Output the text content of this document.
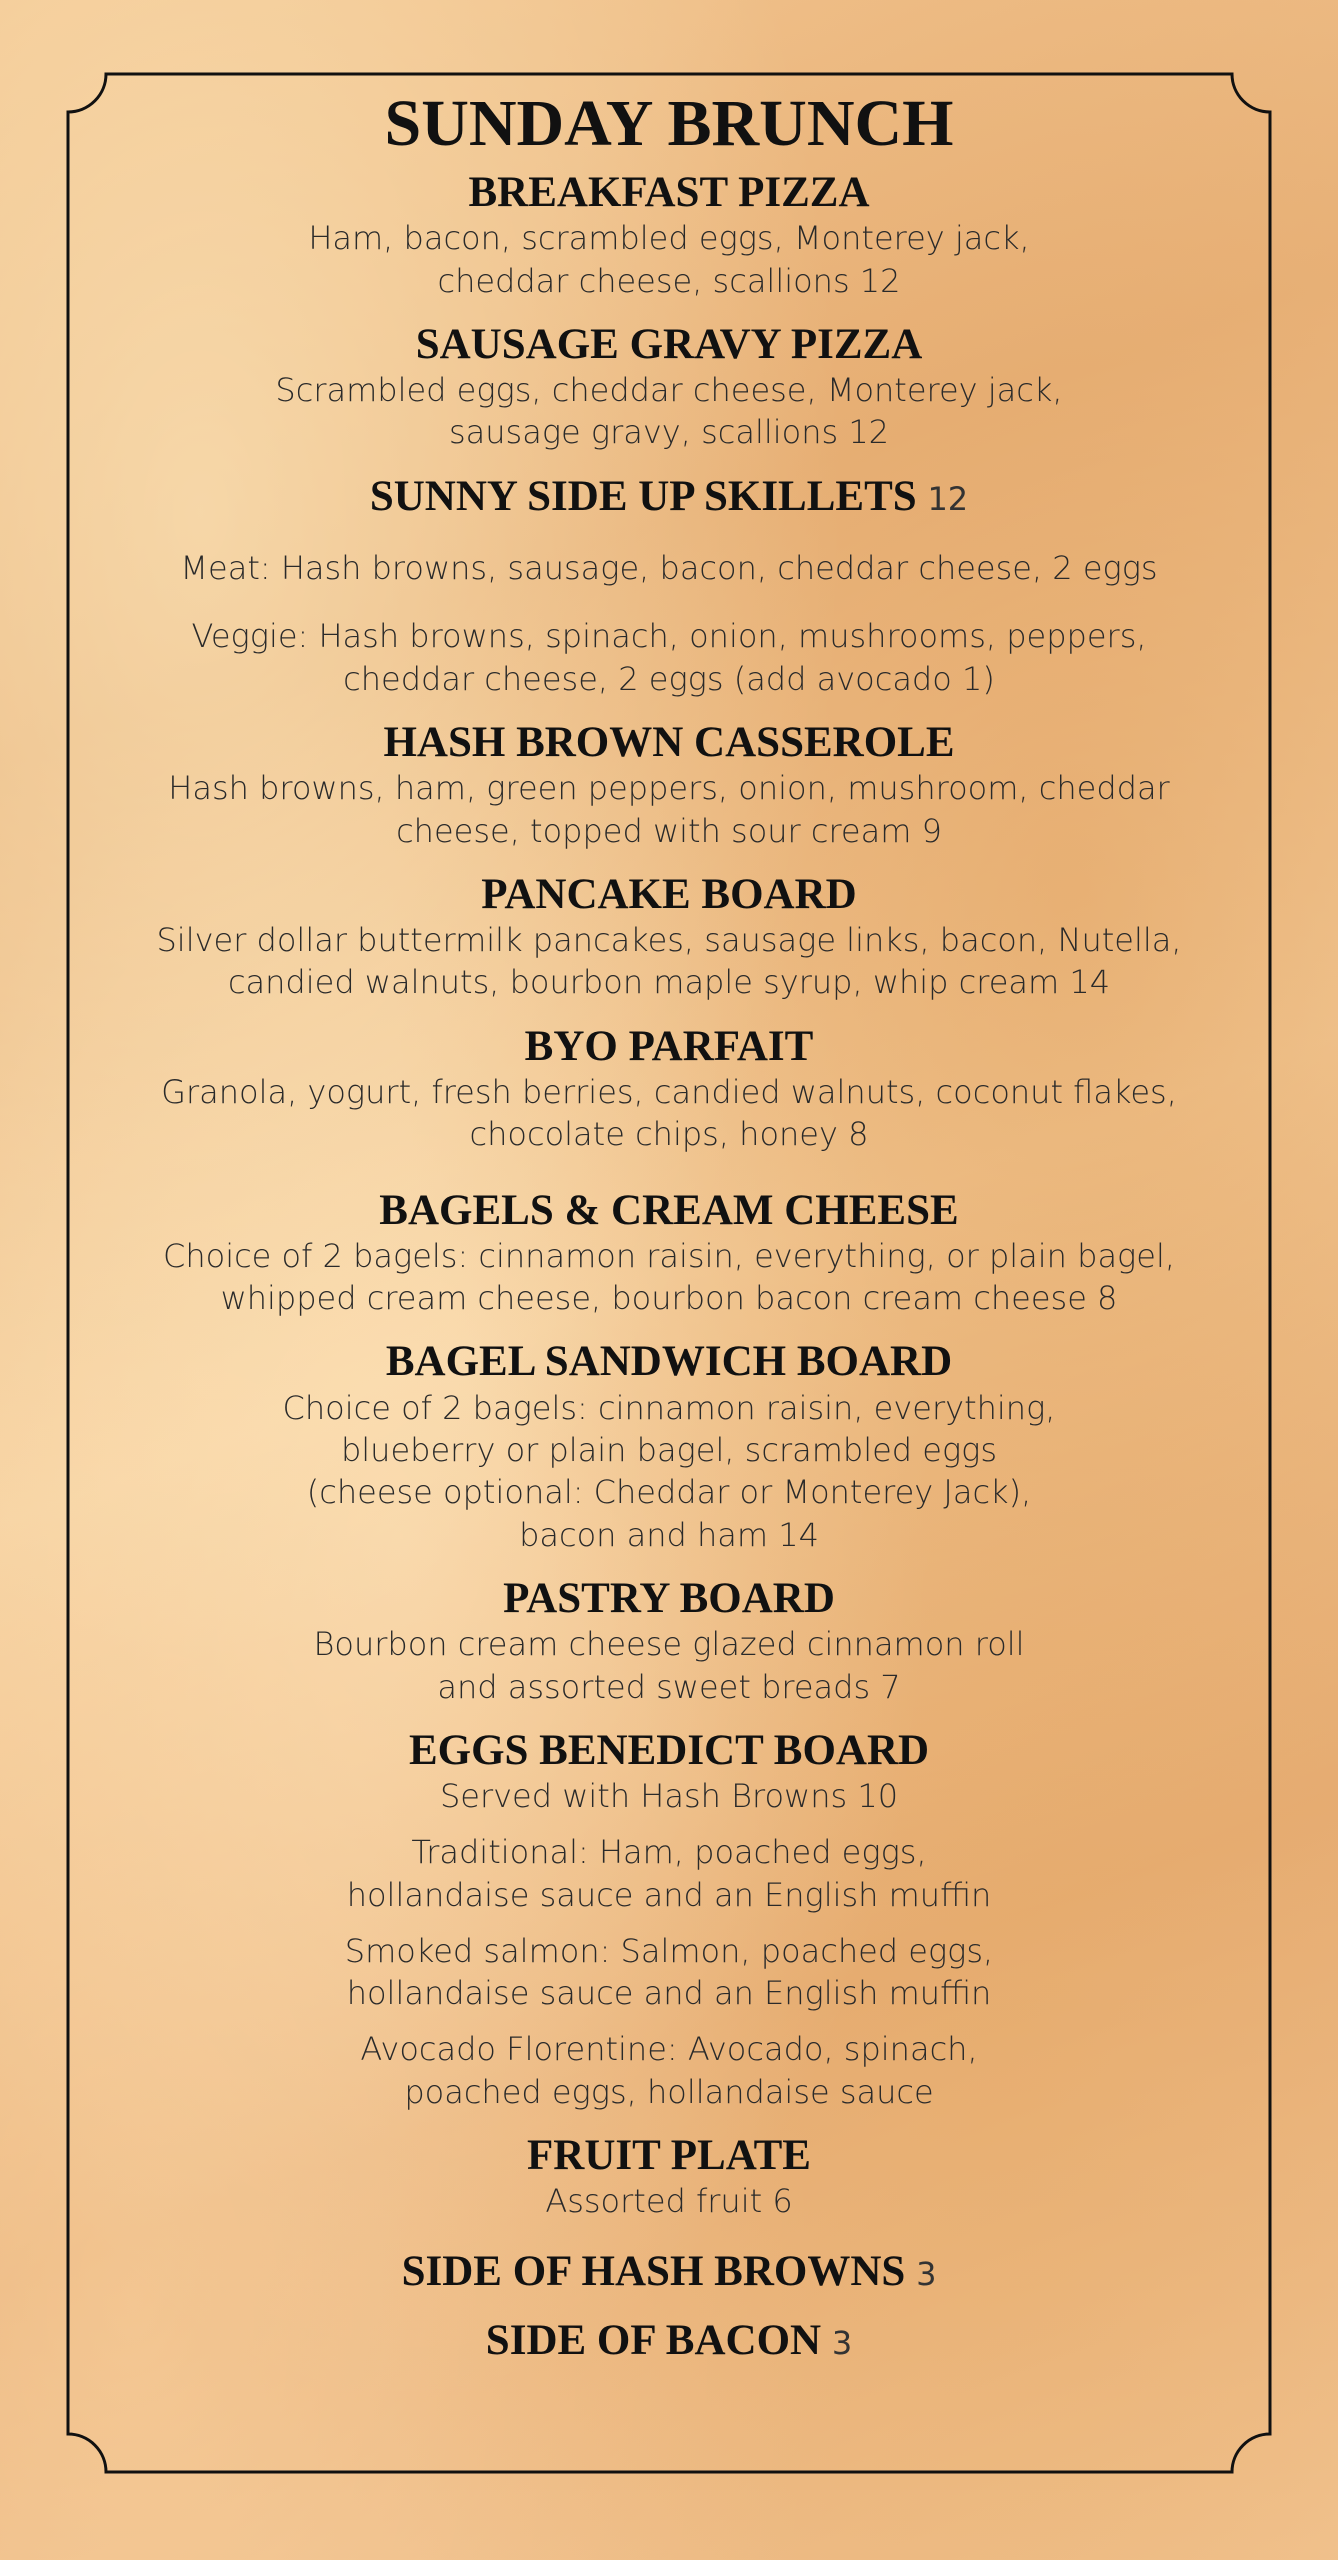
SUNDAY BRUNCH
BREAKFAST PIZZA
Ham, bacon, scrambled eggs, Monterey jack,
cheddar cheese, scallions 12
SAUSAGE GRAVY PIZZA
Scrambled eggs, cheddar cheese, Monterey jack,
sausage gravy, scallions 12
SUNNY SIDE UP SKILLETS 12
Meat: Hash browns, sausage, bacon, cheddar cheese, 2 eggs
Veggie: Hash browns, spinach, onion, mushrooms, peppers,
cheddar cheese, 2 eggs (add avocado 1)
HASH BROWN CASSEROLE
Hash browns, ham, green peppers, onion, mushroom, cheddar
cheese, topped with sour cream 9
PANCAKE BOARD
Silver dollar buttermilk pancakes, sausage links, bacon, Nutella,
candied walnuts, bourbon maple syrup, whip cream 14
BYO PARFAIT
Granola, yogurt, fresh berries, candied walnuts, coconut flakes,
chocolate chips, honey 8
BAGELS & CREAM CHEESE
Choice of 2 bagels: cinnamon raisin, everything, or plain bagel,
whipped cream cheese, bourbon bacon cream cheese 8
BAGEL SANDWICH BOARD
Choice of 2 bagels: cinnamon raisin, everything,
blueberry or plain bagel, scrambled eggs
(cheese optional: Cheddar or Monterey Jack),
bacon and ham 14
PASTRY BOARD
Bourbon cream cheese glazed cinnamon roll
and assorted sweet breads 7
EGGS BENEDICT BOARD
Served with Hash Browns 10
Traditional: Ham, poached eggs,
hollandaise sauce and an English muffin
Smoked salmon: Salmon, poached eggs,
hollandaise sauce and an English muffin
Avocado Florentine: Avocado, spinach,
poached eggs, hollandaise sauce
FRUIT PLATE
Assorted fruit 6
SIDE OF HASH BROWNS 3
SIDE OF BACON 3
